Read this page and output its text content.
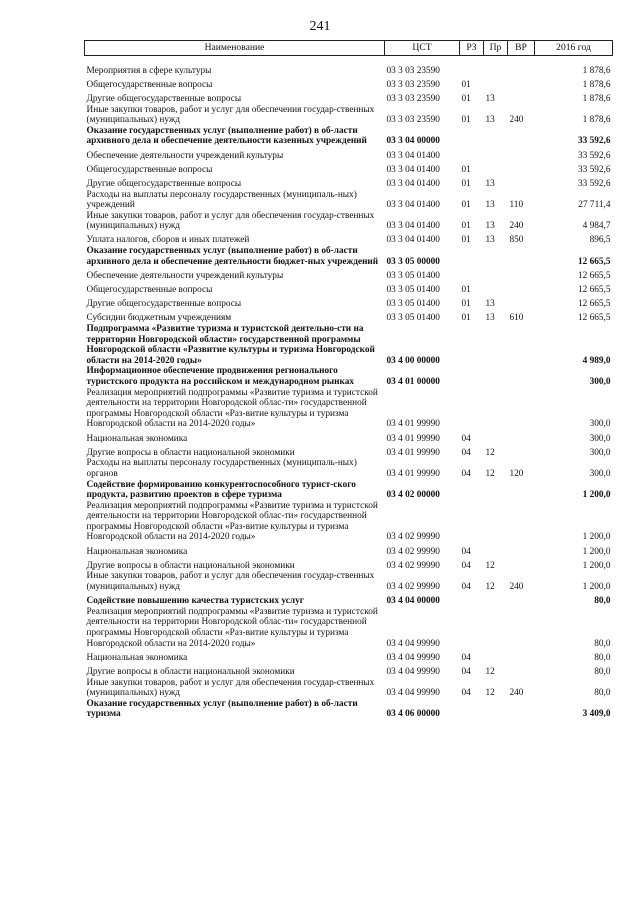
241
Наименование	ЦСТ	РЗ	Пр	ВР	2016 год
Мероприятия в сфере культуры	03 3 03 23590				1 878,6
Общегосударственные вопросы	03 3 03 23590	01			1 878,6
Другие общегосударственные вопросы	03 3 03 23590	01	13		1 878,6
Иные закупки товаров, работ и услуг для обеспечения государ-ственных (муниципальных) нужд	03 3 03 23590	01	13	240	1 878,6
Оказание государственных услуг (выполнение работ) в об-ласти архивного дела и обеспечение деятельности казенных учреждений	03 3 04 00000				33 592,6
Обеспечение деятельности учреждений культуры	03 3 04 01400				33 592,6
Общегосударственные вопросы	03 3 04 01400	01			33 592,6
Другие общегосударственные вопросы	03 3 04 01400	01	13		33 592,6
Расходы на выплаты персоналу государственных (муниципаль-ных) учреждений	03 3 04 01400	01	13	110	27 711,4
Иные закупки товаров, работ и услуг для обеспечения государ-ственных (муниципальных) нужд	03 3 04 01400	01	13	240	4 984,7
Уплата налогов, сборов и иных платежей	03 3 04 01400	01	13	850	896,5
Оказание государственных услуг (выполнение работ) в об-ласти архивного дела и обеспечение деятельности бюджет-ных учреждений	03 3 05 00000				12 665,5
Обеспечение деятельности учреждений культуры	03 3 05 01400				12 665,5
Общегосударственные вопросы	03 3 05 01400	01			12 665,5
Другие общегосударственные вопросы	03 3 05 01400	01	13		12 665,5
Субсидии бюджетным учреждениям	03 3 05 01400	01	13	610	12 665,5
Подпрограмма «Развитие туризма и туристской деятельно-сти на территории Новгородской области» государственной программы Новгородской области «Развитие культуры и туризма Новгородской области на 2014-2020 годы»	03 4 00 00000				4 989,0
Информационное обеспечение продвижения регионального туристского продукта на российском и международном рынках	03 4 01 00000				300,0
Реализация мероприятий подпрограммы «Развитие туризма и туристской деятельности на территории Новгородской облас-ти» государственной программы Новгородской области «Раз-витие культуры и туризма Новгородской области на 2014-2020 годы»	03 4 01 99990				300,0
Национальная экономика	03 4 01 99990	04			300,0
Другие вопросы в области национальной экономики	03 4 01 99990	04	12		300,0
Расходы на выплаты персоналу государственных (муниципаль-ных) органов	03 4 01 99990	04	12	120	300,0
Содействие формированию конкурентоспособного турист-ского продукта, развитию проектов в сфере туризма	03 4 02 00000				1 200,0
Реализация мероприятий подпрограммы «Развитие туризма и туристской деятельности на территории Новгородской облас-ти» государственной программы Новгородской области «Раз-витие культуры и туризма Новгородской области на 2014-2020 годы»	03 4 02 99990				1 200,0
Национальная экономика	03 4 02 99990	04			1 200,0
Другие вопросы в области национальной экономики	03 4 02 99990	04	12		1 200,0
Иные закупки товаров, работ и услуг для обеспечения государ-ственных (муниципальных) нужд	03 4 02 99990	04	12	240	1 200,0
Содействие повышению качества туристских услуг	03 4 04 00000				80,0
Реализация мероприятий подпрограммы «Развитие туризма и туристской деятельности на территории Новгородской облас-ти» государственной программы Новгородской области «Раз-витие культуры и туризма Новгородской области на 2014-2020 годы»	03 4 04 99990				80,0
Национальная экономика	03 4 04 99990	04			80,0
Другие вопросы в области национальной экономики	03 4 04 99990	04	12		80,0
Иные закупки товаров, работ и услуг для обеспечения государ-ственных (муниципальных) нужд	03 4 04 99990	04	12	240	80,0
Оказание государственных услуг (выполнение работ) в об-ласти туризма	03 4 06 00000				3 409,0
